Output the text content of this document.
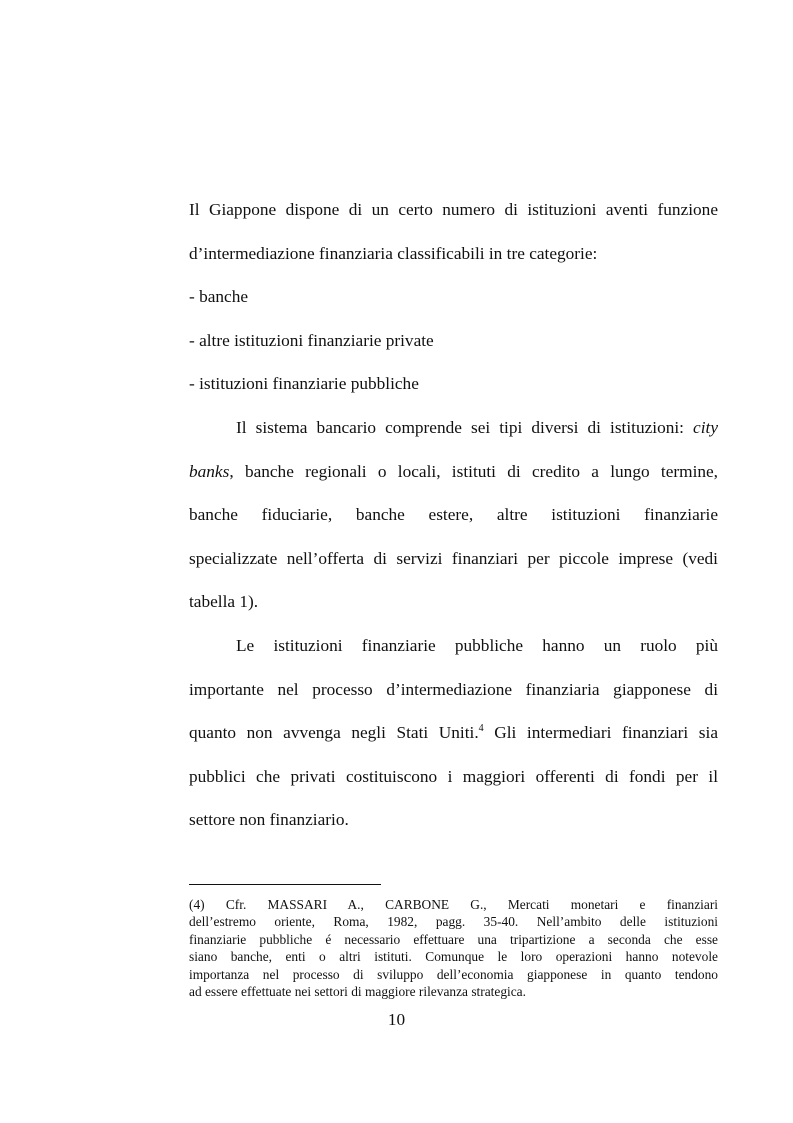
Il Giappone dispone di un certo numero di istituzioni aventi funzione
d’intermediazione finanziaria classificabili in tre categorie:
- banche
- altre istituzioni finanziarie private
- istituzioni finanziarie pubbliche
Il sistema bancario comprende sei tipi diversi di istituzioni: city
banks, banche regionali o locali, istituti di credito a lungo termine,
banche fiduciarie, banche estere, altre istituzioni finanziarie
specializzate nell’offerta di servizi finanziari per piccole imprese (vedi
tabella 1).
Le istituzioni finanziarie pubbliche hanno un ruolo più
importante nel processo d’intermediazione finanziaria giapponese di
quanto non avvenga negli Stati Uniti.$^4$ Gli intermediari finanziari sia
pubblici che privati costituiscono i maggiori offerenti di fondi per il
settore non finanziario.
(4) Cfr. MASSARI A., CARBONE G., Mercati monetari e finanziari
dell’estremo oriente, Roma, 1982, pagg. 35-40. Nell’ambito delle istituzioni
finanziarie pubbliche é necessario effettuare una tripartizione a seconda che esse
siano banche, enti o altri istituti. Comunque le loro operazioni hanno notevole
importanza nel processo di sviluppo dell’economia giapponese in quanto tendono
ad essere effettuate nei settori di maggiore rilevanza strategica.
10
